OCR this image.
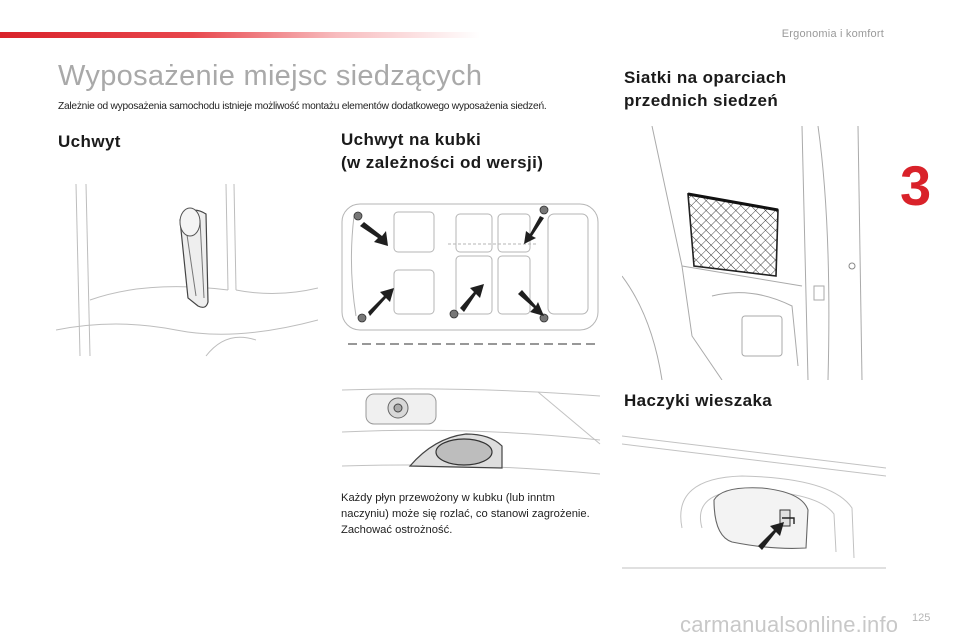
Ergonomia i komfort
3
Wyposażenie miejsc siedzących

Zależnie od wyposażenia samochodu istnieje możliwość montażu elementów dodatkowego wyposażenia siedzeń.

Uchwyt	Uchwyt na kubki
(w zależności od wersji)

Każdy płyn przewożony w kubku (lub inntm naczyniu) może się rozlać, co stanowi zagrożenie. Zachować ostrożność.

Siatki na oparciach
przednich siedzeń
Haczyki wieszaka
carmanualsonline.info 125
